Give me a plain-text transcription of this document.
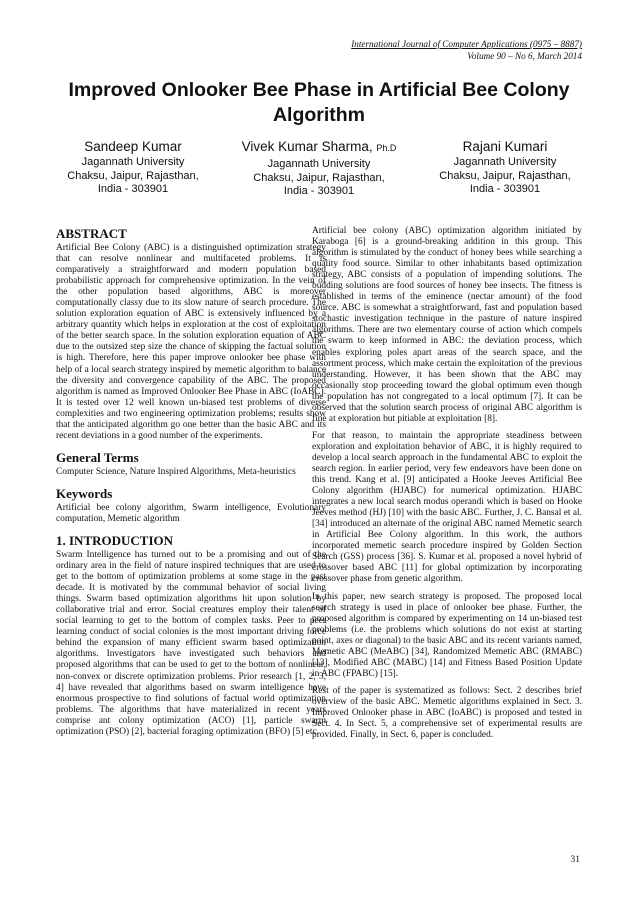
International Journal of Computer Applications (0975 – 8887)
Volume 90 – No 6, March 2014
Improved Onlooker Bee Phase in Artificial Bee Colony
Algorithm
Sandeep Kumar
Jagannath University
Chaksu, Jaipur, Rajasthan,
India - 303901
Vivek Kumar Sharma, Ph.D
Jagannath University
Chaksu, Jaipur, Rajasthan,
India - 303901
Rajani Kumari
Jagannath University
Chaksu, Jaipur, Rajasthan,
India - 303901
ABSTRACT

Artificial Bee Colony (ABC) is a distinguished optimization strategy that can resolve nonlinear and multifaceted problems. It is comparatively a straightforward and modern population based probabilistic approach for comprehensive optimization. In the vein of the other population based algorithms, ABC is moreover computationally classy due to its slow nature of search procedure. The solution exploration equation of ABC is extensively influenced by a arbitrary quantity which helps in exploration at the cost of exploitation of the better search space. In the solution exploration equation of ABC due to the outsized step size the chance of skipping the factual solution is high. Therefore, here this paper improve onlooker bee phase with help of a local search strategy inspired by memetic algorithm to balance the diversity and convergence capability of the ABC. The proposed algorithm is named as Improved Onlooker Bee Phase in ABC (IoABC). It is tested over 12 well known un-biased test problems of diverse complexities and two engineering optimization problems; results show that the anticipated algorithm go one better than the basic ABC and its recent deviations in a good number of the experiments.

General Terms

Computer Science, Nature Inspired Algorithms, Meta-heuristics

Keywords

Artificial bee colony algorithm, Swarm intelligence, Evolutionary computation, Memetic algorithm

1. INTRODUCTION

Swarm Intelligence has turned out to be a promising and out of the ordinary area in the field of nature inspired techniques that are used to get to the bottom of optimization problems at some stage in the past decade. It is motivated by the communal behavior of social living things. Swarm based optimization algorithms hit upon solution by collaborative trial and error. Social creatures employ their talent of social learning to get to the bottom of complex tasks. Peer to peer learning conduct of social colonies is the most important driving force behind the expansion of many efficient swarm based optimization algorithms. Investigators have investigated such behaviors and proposed algorithms that can be used to get to the bottom of nonlinear, non-convex or discrete optimization problems. Prior research [1, 2, 3, 4] have revealed that algorithms based on swarm intelligence have enormous prospective to find solutions of factual world optimization problems. The algorithms that have materialized in recent years comprise ant colony optimization (ACO) [1], particle swarm optimization (PSO) [2], bacterial foraging optimization (BFO) [5] etc.

Artificial bee colony (ABC) optimization algorithm initiated by Karaboga [6] is a ground-breaking addition in this group. This algorithm is stimulated by the conduct of honey bees while searching a quality food source. Similar to other inhabitants based optimization strategy, ABC consists of a population of impending solutions. The budding solutions are food sources of honey bee insects. The fitness is established in terms of the eminence (nectar amount) of the food source. ABC is somewhat a straightforward, fast and population based stochastic investigation technique in the pasture of nature inspired algorithms. There are two elementary course of action which compels the swarm to keep informed in ABC: the deviation process, which enables exploring poles apart areas of the search space, and the assortment process, which make certain the exploitation of the previous understanding. However, it has been shown that the ABC may occasionally stop proceeding toward the global optimum even though the population has not congregated to a local optimum [7]. It can be observed that the solution search process of original ABC algorithm is fine at exploration but pitiable at exploitation [8].

For that reason, to maintain the appropriate steadiness between exploration and exploitation behavior of ABC, it is highly required to develop a local search approach in the fundamental ABC to exploit the search region. In earlier period, very few endeavors have been done on this trend. Kang et al. [9] anticipated a Hooke Jeeves Artificial Bee Colony algorithm (HJABC) for numerical optimization. HJABC integrates a new local search modus operandi which is based on Hooke Jeeves method (HJ) [10] with the basic ABC. Further, J. C. Bansal et al. [34] introduced an alternate of the original ABC named Memetic search in Artificial Bee Colony algorithm. In this work, the authors incorporated memetic search procedure inspired by Golden Section Search (GSS) process [36]. S. Kumar et al. proposed a novel hybrid of crossover based ABC [11] for global optimization by incorporating crossover phase from genetic algorithm.

In this paper, new search strategy is proposed. The proposed local search strategy is used in place of onlooker bee phase. Further, the proposed algorithm is compared by experimenting on 14 un-biased test problems (i.e. the problems which solutions do not exist at starting point, axes or diagonal) to the basic ABC and its recent variants named, Memetic ABC (MeABC) [34], Randomized Memetic ABC (RMABC) [13], Modified ABC (MABC) [14] and Fitness Based Position Update in ABC (FPABC) [15].

Rest of the paper is systematized as follows: Sect. 2 describes brief overview of the basic ABC. Memetic algorithms explained in Sect. 3. Improved Onlooker phase in ABC (IoABC) is proposed and tested in Sect. 4. In Sect. 5, a comprehensive set of experimental results are provided. Finally, in Sect. 6, paper is concluded.

31
